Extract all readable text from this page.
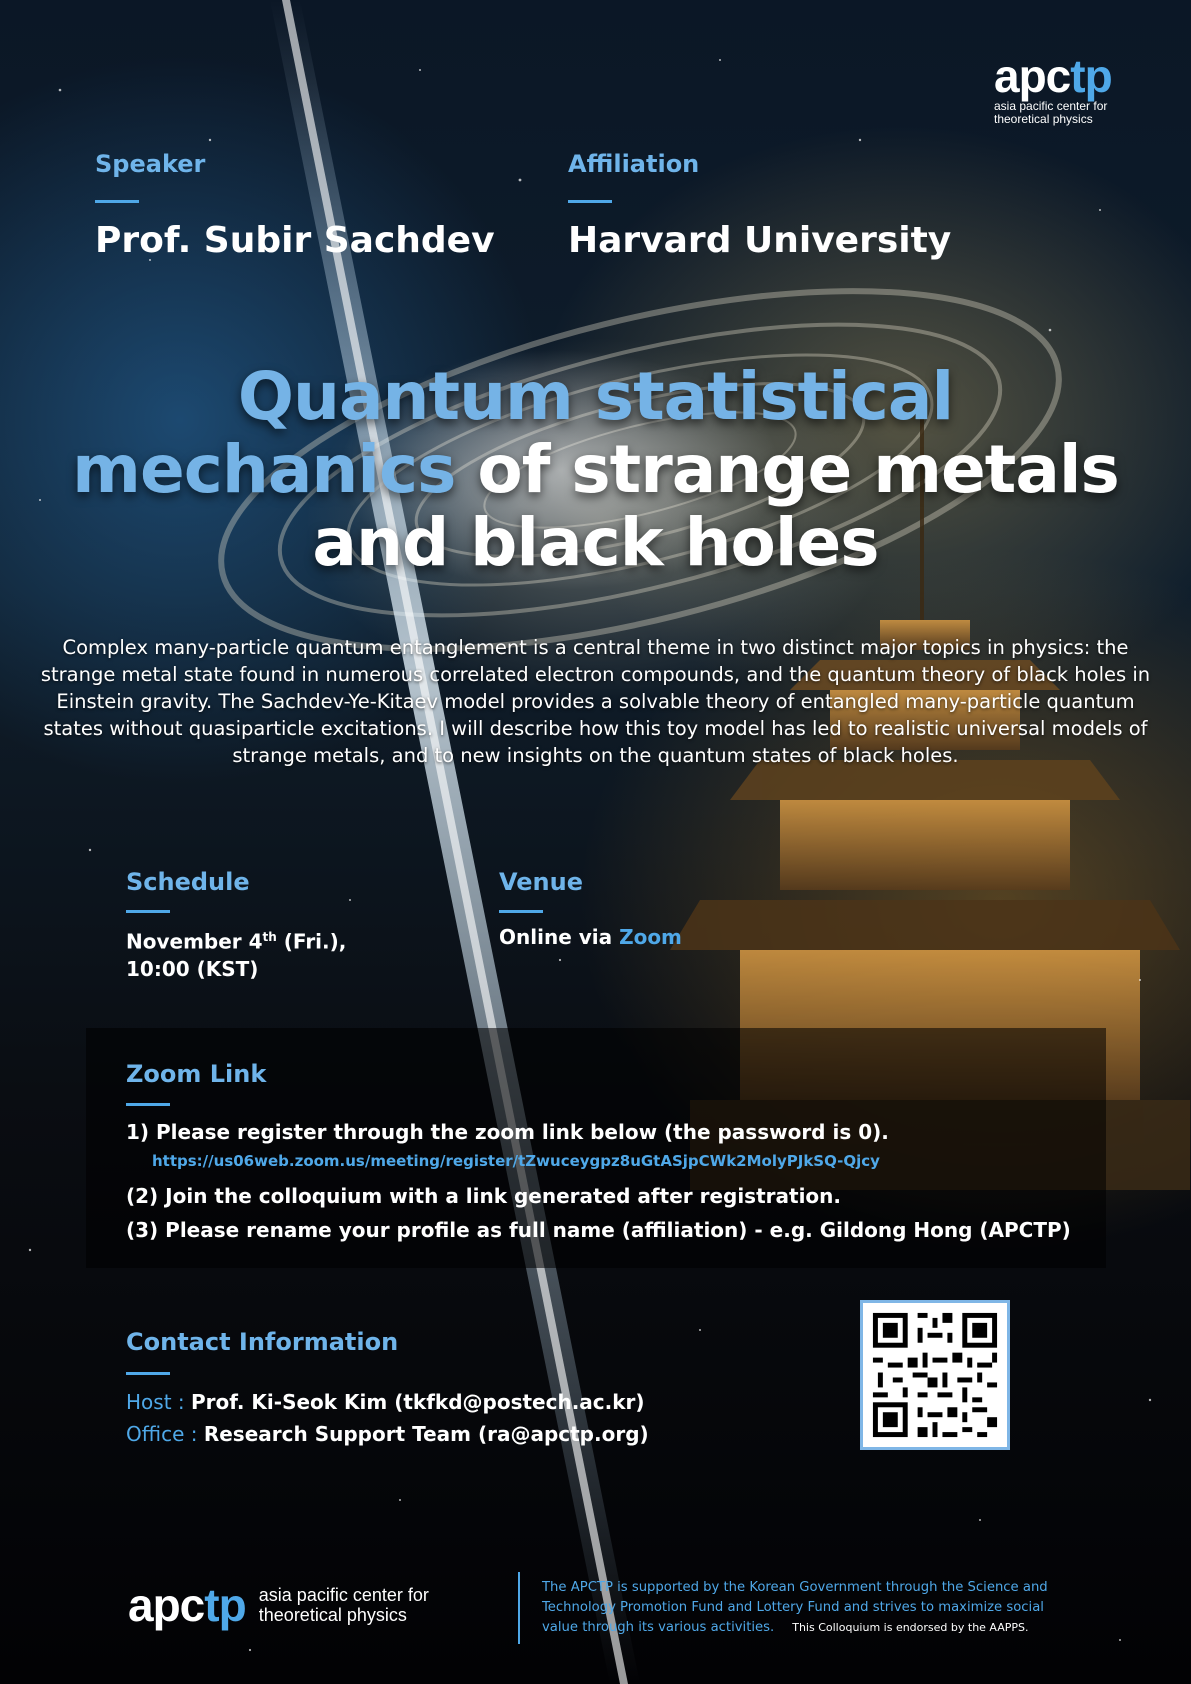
apctp
asia pacific center for
theoretical physics
Speaker
Prof. Subir Sachdev
Affiliation
Harvard University
Quantum statistical
mechanics of strange metals
and black holes
Complex many-particle quantum entanglement is a central theme in two distinct major topics in physics: the strange metal state found in numerous correlated electron compounds, and the quantum theory of black holes in Einstein gravity. The Sachdev-Ye-Kitaev model provides a solvable theory of entangled many-particle quantum states without quasiparticle excitations. I will describe how this toy model has led to realistic universal models of strange metals, and to new insights on the quantum states of black holes.
Schedule
November 4th (Fri.),
10:00 (KST)
Venue
Online via Zoom
Zoom Link
1) Please register through the zoom link below (the password is 0).
https://us06web.zoom.us/meeting/register/tZwuceygpz8uGtASjpCWk2MolyPJkSQ-Qjcy
(2) Join the colloquium with a link generated after registration.
(3) Please rename your profile as full name (affiliation) - e.g. Gildong Hong (APCTP)
Contact Information
Host : Prof. Ki-Seok Kim (tkfkd@postech.ac.kr)
Office : Research Support Team (ra@apctp.org)
apctp asia pacific center for
theoretical physics
The APCTP is supported by the Korean Government through the Science and Technology Promotion Fund and Lottery Fund and strives to maximize social value through its various activities. This Colloquium is endorsed by the AAPPS.
